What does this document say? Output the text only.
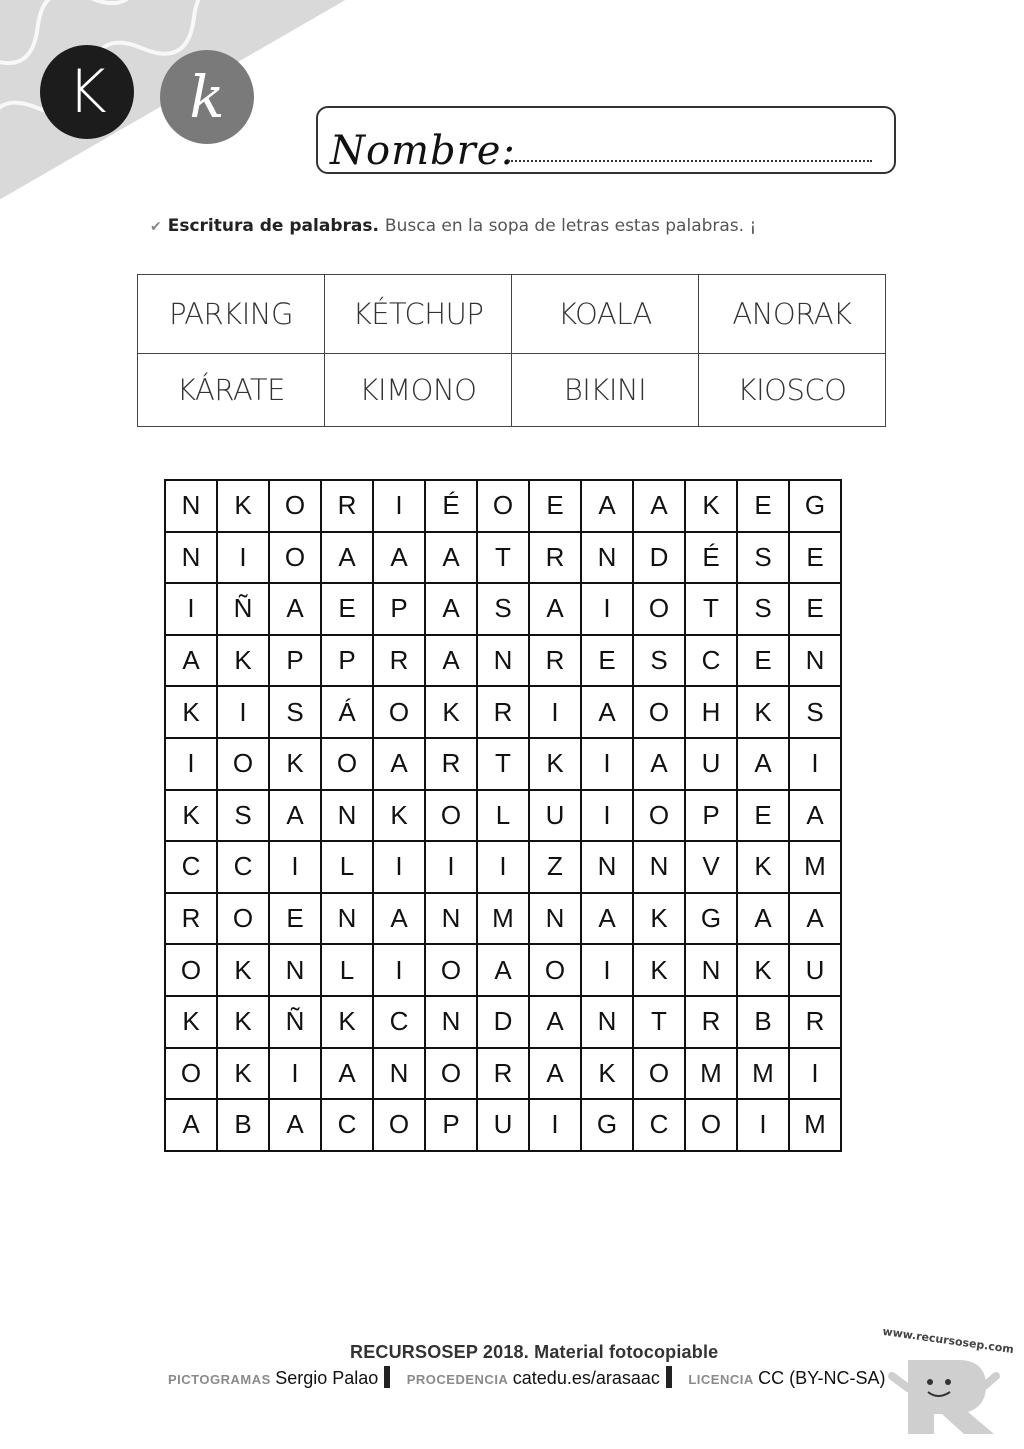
K	k
Nombre:
✔ Escritura de palabras. Busca en la sopa de letras estas palabras. ¡
PARKING	KÉTCHUP	KOALA	ANORAK
KÁRATE	KIMONO	BIKINI	KIOSCO
N	K	O	R	I	É	O	E	A	A	K	E	G
N	I	O	A	A	A	T	R	N	D	É	S	E
I	Ñ	A	E	P	A	S	A	I	O	T	S	E
A	K	P	P	R	A	N	R	E	S	C	E	N
K	I	S	Á	O	K	R	I	A	O	H	K	S
I	O	K	O	A	R	T	K	I	A	U	A	I
K	S	A	N	K	O	L	U	I	O	P	E	A
C	C	I	L	I	I	I	Z	N	N	V	K	M
R	O	E	N	A	N	M	N	A	K	G	A	A
O	K	N	L	I	O	A	O	I	K	N	K	U
K	K	Ñ	K	C	N	D	A	N	T	R	B	R
O	K	I	A	N	O	R	A	K	O	M	M	I
A	B	A	C	O	P	U	I	G	C	O	I	M
RECURSOSEP 2018. Material fotocopiable
PICTOGRAMAS Sergio Palao PROCEDENCIA catedu.es/arasaac LICENCIA CC (BY-NC-SA)
www.recursosep.com
